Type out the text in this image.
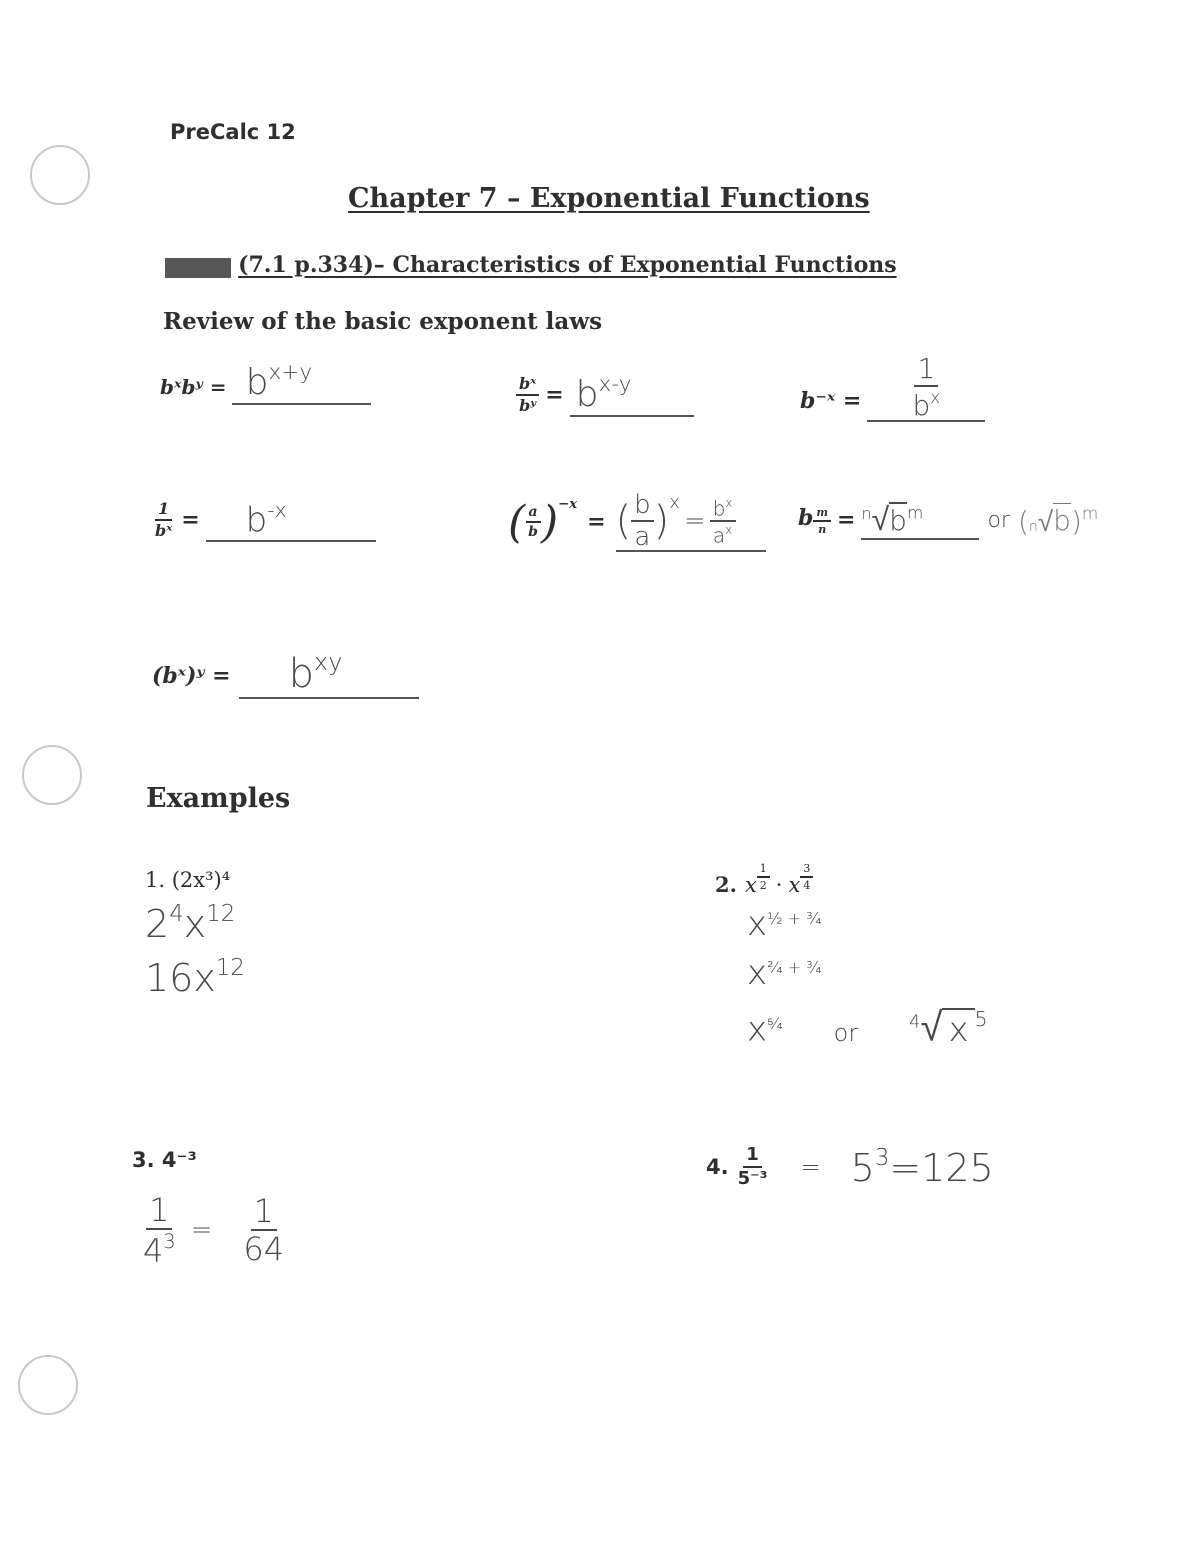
PreCalc 12
Chapter 7 – Exponential Functions
(7.1 p.334)– Characteristics of Exponential Functions
Review of the basic exponent laws
bˣbʸ = $b^{x+y}$
$\frac{\text{bˣ}}{\text{bʸ}} = b^{x-y}$
b⁻ˣ = $\frac{1}{b^x}$
$\frac{1}{\text{bˣ}}$ =	$b^{-x}$	( $\frac{a}{b}$ ) −x
= ( $\frac{b}{a}$ ) x
= $\frac{b^x}{a^x}$	b $\frac{m}{n} = ^n√b^m$	or $(n√b)^m$
(bˣ)ʸ =	$b^{xy}$
Examples
1. (2x³)⁴
$2^4x^{12}$
$16x^{12}$
2. x $\frac{1}{2} \cdot x \frac{3}{4}$
$x^{\frac{1}{2} + \frac{3}{4}}$
$x^{^2⁄_4 + \frac{3}{4}}$
$x^{^5⁄_4}$ or	$^4$√ x $^5$
3. 4⁻³
$\frac{1}{4^3} = \frac{1}{64}$
4. $\frac{1}{\text{5⁻³}} = 5^3=125$
